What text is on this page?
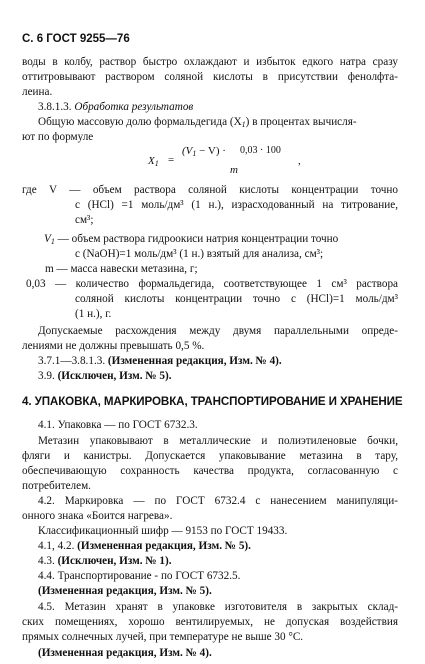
С. 6 ГОСТ 9255—76
воды в колбу, раствор быстро охлаждают и избыток едкого натра сразу
оттитровывают раствором соляной кислоты в присутствии фенолфта-
леина.
3.8.1.3. Обработка результатов
Общую массовую долю формальдегида $(X_1)$ в процентах вычисля-
ют по формуле
$X_1$ =
$(V_1 - V) \cdot 0,03 \cdot 100$
m
,
где V — объем раствора соляной кислоты концентрации точно
c (HCl) =1 моль/дм³ (1 н.), израсходованный на титрование,
см³;
$V_1$ — объем раствора гидроокиси натрия концентрации точно
c (NaOH)=1 моль/дм³ (1 н.) взятый для анализа, см³;
m — масса навески метазина, г;
0,03 — количество формальдегида, соответствующее 1 см³ раствора
соляной кислоты концентрации точно c (HCl)=1 моль/дм³
(1 н.), г.
Допускаемые расхождения между двумя параллельными опреде-
лениями не должны превышать 0,5 %.
3.7.1—3.8.1.3. (Измененная редакция, Изм. № 4).
3.9. (Исключен, Изм. № 5).
4. УПАКОВКА, МАРКИРОВКА, ТРАНСПОРТИРОВАНИЕ И ХРАНЕНИЕ
4.1. Упаковка — по ГОСТ 6732.3.
Метазин упаковывают в металлические и полиэтиленовые бочки,
фляги и канистры. Допускается упаковывание метазина в тару,
обеспечивающую сохранность качества продукта, согласованную с
потребителем.
4.2. Маркировка — по ГОСТ 6732.4 с нанесением манипуляци-
онного знака «Боится нагрева».
Классификационный шифр — 9153 по ГОСТ 19433.
4.1, 4.2. (Измененная редакция, Изм. № 5).
4.3. (Исключен, Изм. № 1).
4.4. Транспортирование - по ГОСТ 6732.5.
(Измененная редакция, Изм. № 5).
4.5. Метазин хранят в упаковке изготовителя в закрытых склад-
ских помещениях, хорошо вентилируемых, не допуская воздействия
прямых солнечных лучей, при температуре не выше 30 °С.
(Измененная редакция, Изм. № 4).
